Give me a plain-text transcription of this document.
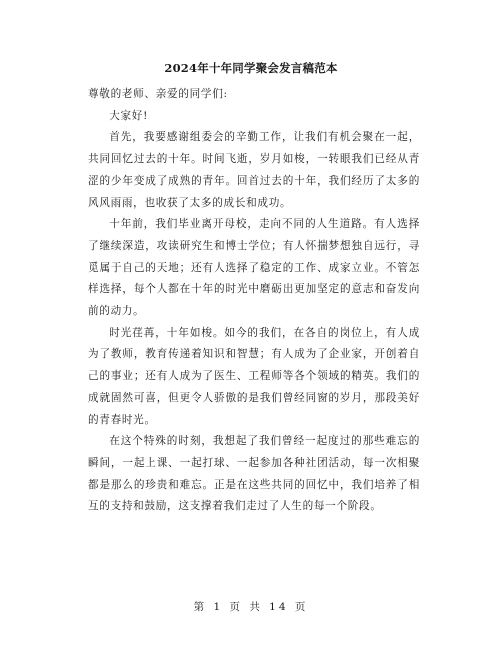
2024年十年同学聚会发言稿范本

尊敬的老师、亲爱的同学们:

大家好!

首先，我要感谢组委会的辛勤工作，让我们有机会聚在一起，共同回忆过去的十年。时间飞逝，岁月如梭，一转眼我们已经从青涩的少年变成了成熟的青年。回首过去的十年，我们经历了太多的风风雨雨，也收获了太多的成长和成功。

十年前，我们毕业离开母校，走向不同的人生道路。有人选择了继续深造，攻读研究生和博士学位；有人怀揣梦想独自远行，寻觅属于自己的天地；还有人选择了稳定的工作、成家立业。不管怎样选择，每个人都在十年的时光中磨砺出更加坚定的意志和奋发向前的动力。

时光荏苒，十年如梭。如今的我们，在各自的岗位上，有人成为了教师，教育传递着知识和智慧；有人成为了企业家，开创着自己的事业；还有人成为了医生、工程师等各个领域的精英。我们的成就固然可喜，但更令人骄傲的是我们曾经同窗的岁月，那段美好的青春时光。

在这个特殊的时刻，我想起了我们曾经一起度过的那些难忘的瞬间，一起上课、一起打球、一起参加各种社团活动，每一次相聚都是那么的珍贵和难忘。正是在这些共同的回忆中，我们培养了相互的支持和鼓励，这支撑着我们走过了人生的每一个阶段。

第 1 页 共 14 页
